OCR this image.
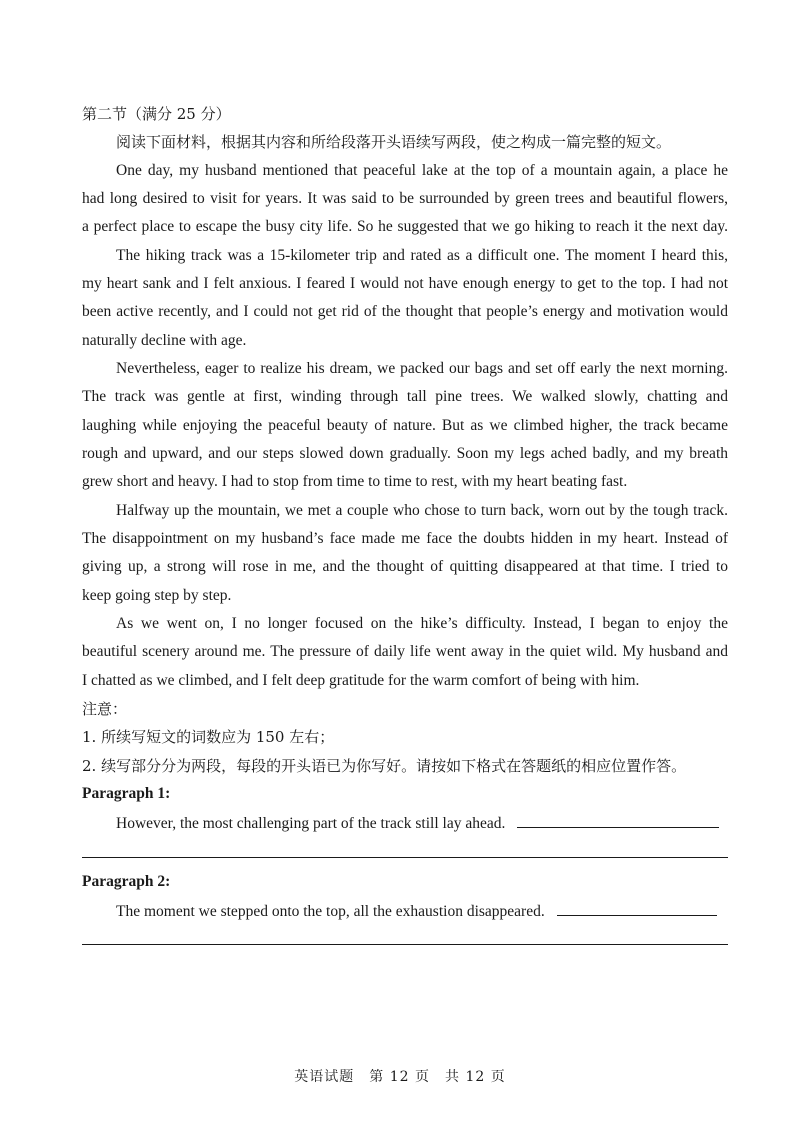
第二节（满分 25 分）
阅读下面材料，根据其内容和所给段落开头语续写两段，使之构成一篇完整的短文。
One day, my husband mentioned that peaceful lake at the top of a mountain again, a place he
had long desired to visit for years. It was said to be surrounded by green trees and beautiful flowers,
a perfect place to escape the busy city life. So he suggested that we go hiking to reach it the next day.
The hiking track was a 15-kilometer trip and rated as a difficult one. The moment I heard this,
my heart sank and I felt anxious. I feared I would not have enough energy to get to the top. I had not
been active recently, and I could not get rid of the thought that people’s energy and motivation would
naturally decline with age.
Nevertheless, eager to realize his dream, we packed our bags and set off early the next morning.
The track was gentle at first, winding through tall pine trees. We walked slowly, chatting and
laughing while enjoying the peaceful beauty of nature. But as we climbed higher, the track became
rough and upward, and our steps slowed down gradually. Soon my legs ached badly, and my breath
grew short and heavy. I had to stop from time to time to rest, with my heart beating fast.
Halfway up the mountain, we met a couple who chose to turn back, worn out by the tough track.
The disappointment on my husband’s face made me face the doubts hidden in my heart. Instead of
giving up, a strong will rose in me, and the thought of quitting disappeared at that time. I tried to
keep going step by step.
As we went on, I no longer focused on the hike’s difficulty. Instead, I began to enjoy the
beautiful scenery around me. The pressure of daily life went away in the quiet wild. My husband and
I chatted as we climbed, and I felt deep gratitude for the warm comfort of being with him.
注意：
1. 所续写短文的词数应为 150 左右；
2. 续写部分分为两段，每段的开头语已为你写好。请按如下格式在答题纸的相应位置作答。
Paragraph 1:
However, the most challenging part of the track still lay ahead.
Paragraph 2:
The moment we stepped onto the top, all the exhaustion disappeared.
英语试题　第 12 页　共 12 页
